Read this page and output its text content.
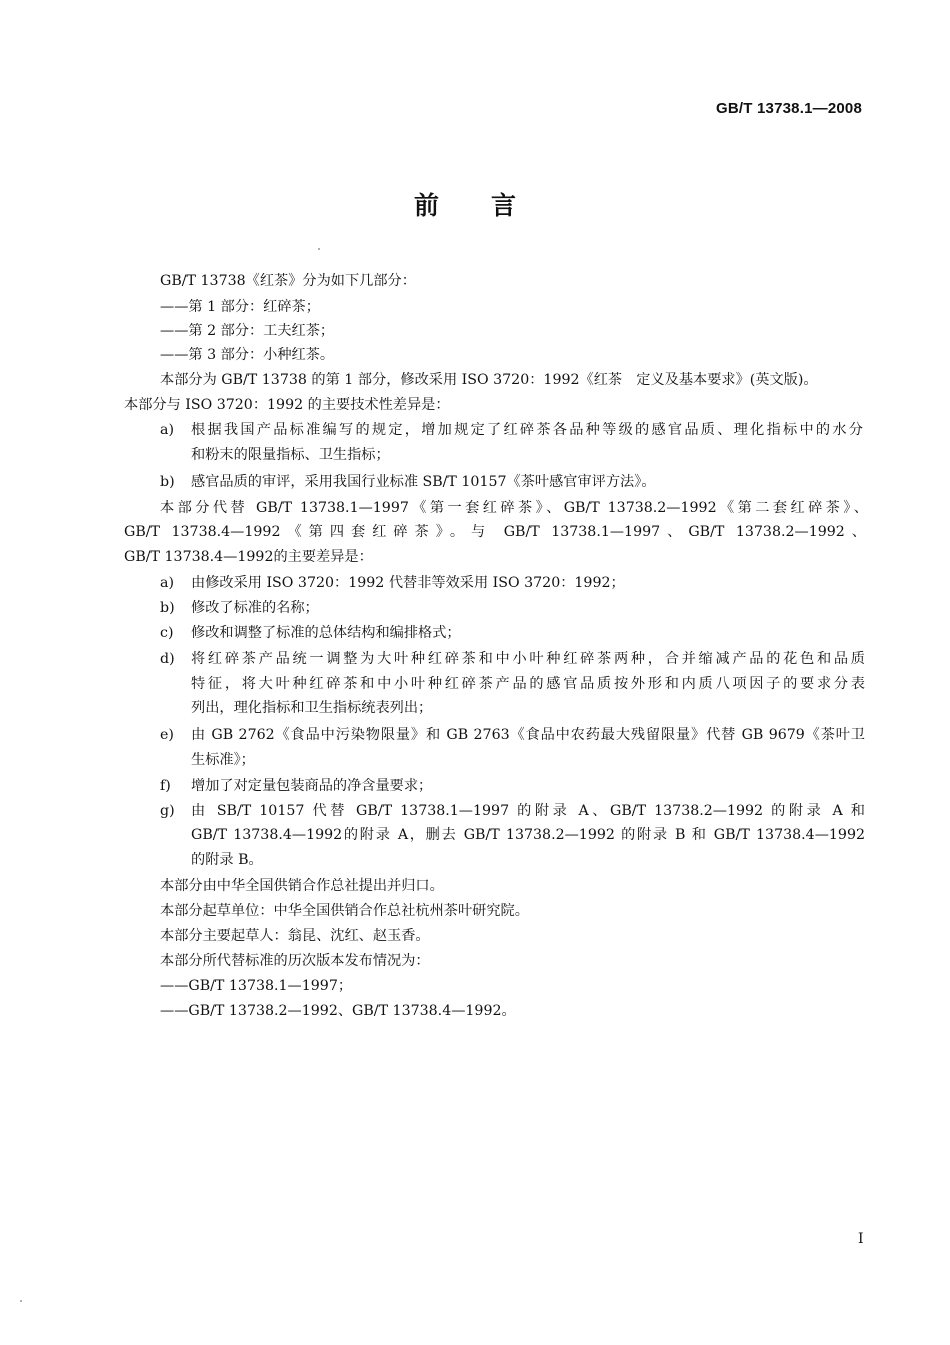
GB/T 13738.1—2008
前言
GB/T 13738《红茶》分为如下几部分：
——第 1 部分：红碎茶；
——第 2 部分：工夫红茶；
——第 3 部分：小种红茶。
本部分为 GB/T 13738 的第 1 部分，修改采用 ISO 3720：1992《红茶　定义及基本要求》(英文版)。
本部分与 ISO 3720：1992 的主要技术性差异是：
a) 根据我国产品标准编写的规定，增加规定了红碎茶各品种等级的感官品质、理化指标中的水分
和粉末的限量指标、卫生指标；
b) 感官品质的审评，采用我国行业标准 SB/T 10157《茶叶感官审评方法》。
本部分代替 GB/T 13738.1—1997《第一套红碎茶》、GB/T 13738.2—1992《第二套红碎茶》、
GB/T 13738.4—1992《第四套红碎茶》。与 GB/T 13738.1—1997、GB/T 13738.2—1992、
GB/T 13738.4—1992的主要差异是：
a) 由修改采用 ISO 3720：1992 代替非等效采用 ISO 3720：1992；
b) 修改了标准的名称；
c) 修改和调整了标准的总体结构和编排格式；
d) 将红碎茶产品统一调整为大叶种红碎茶和中小叶种红碎茶两种，合并缩减产品的花色和品质
特征，将大叶种红碎茶和中小叶种红碎茶产品的感官品质按外形和内质八项因子的要求分表
列出，理化指标和卫生指标统表列出；
e) 由 GB 2762《食品中污染物限量》和 GB 2763《食品中农药最大残留限量》代替 GB 9679《茶叶卫
生标准》；
f) 增加了对定量包装商品的净含量要求；
g) 由 SB/T 10157 代替 GB/T 13738.1—1997 的附录 A、GB/T 13738.2—1992 的附录 A 和
GB/T 13738.4—1992的附录 A，删去 GB/T 13738.2—1992 的附录 B 和 GB/T 13738.4—1992
的附录 B。
本部分由中华全国供销合作总社提出并归口。
本部分起草单位：中华全国供销合作总社杭州茶叶研究院。
本部分主要起草人：翁昆、沈红、赵玉香。
本部分所代替标准的历次版本发布情况为：
——GB/T 13738.1—1997；
——GB/T 13738.2—1992、GB/T 13738.4—1992。
I
